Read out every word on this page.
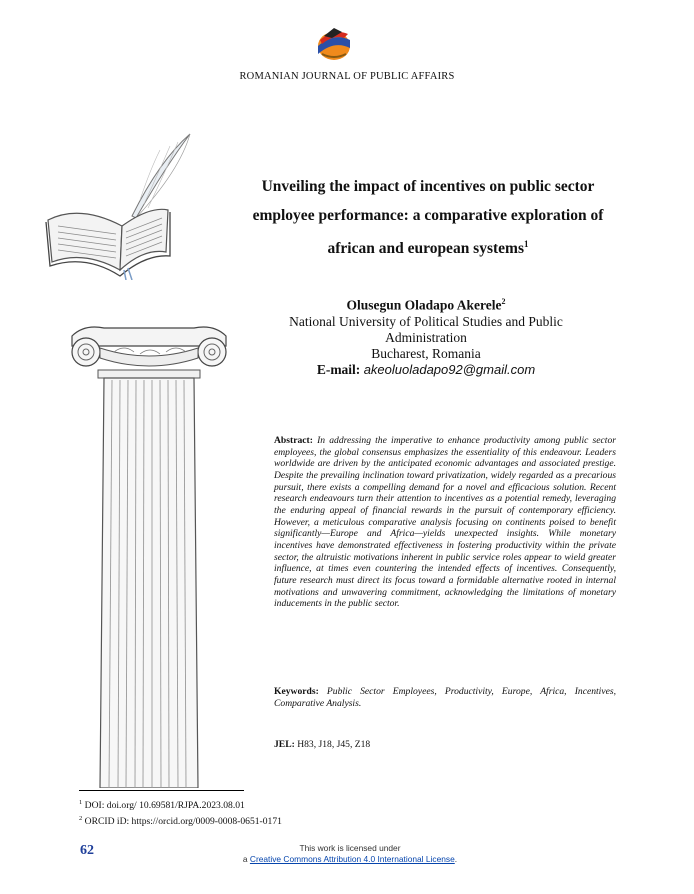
ROMANIAN JOURNAL OF PUBLIC AFFAIRS
Unveiling the impact of incentives on public sector employee performance: a comparative exploration of african and european systems$^1$
Olusegun Oladapo Akerele$^2$
National University of Political Studies and Public
Administration
Bucharest, Romania
E-mail: akeoluoladapo92@gmail.com
Abstract: In addressing the imperative to enhance productivity among public sector employees, the global consensus emphasizes the essentiality of this endeavour. Leaders worldwide are driven by the anticipated economic advantages and associated prestige. Despite the prevailing inclination toward privatization, widely regarded as a precarious pursuit, there exists a compelling demand for a novel and efficacious solution. Recent research endeavours turn their attention to incentives as a potential remedy, leveraging the enduring appeal of financial rewards in the pursuit of contemporary efficiency. However, a meticulous comparative analysis focusing on continents poised to benefit significantly—Europe and Africa—yields unexpected insights. While monetary incentives have demonstrated effectiveness in fostering productivity within the private sector, the altruistic motivations inherent in public service roles appear to wield greater influence, at times even countering the intended effects of incentives. Consequently, future research must direct its focus toward a formidable alternative rooted in internal motivations and unwavering commitment, acknowledging the limitations of monetary inducements in the public sector.
Keywords: Public Sector Employees, Productivity, Europe, Africa, Incentives, Comparative Analysis.
JEL: H83, J18, J45, Z18
$^1$ DOI: doi.org/ 10.69581/RJPA.2023.08.01
$^2$ ORCID iD: https://orcid.org/0009-0008-0651-0171
62	This work is licensed under
a Creative Commons Attribution 4.0 International License.
